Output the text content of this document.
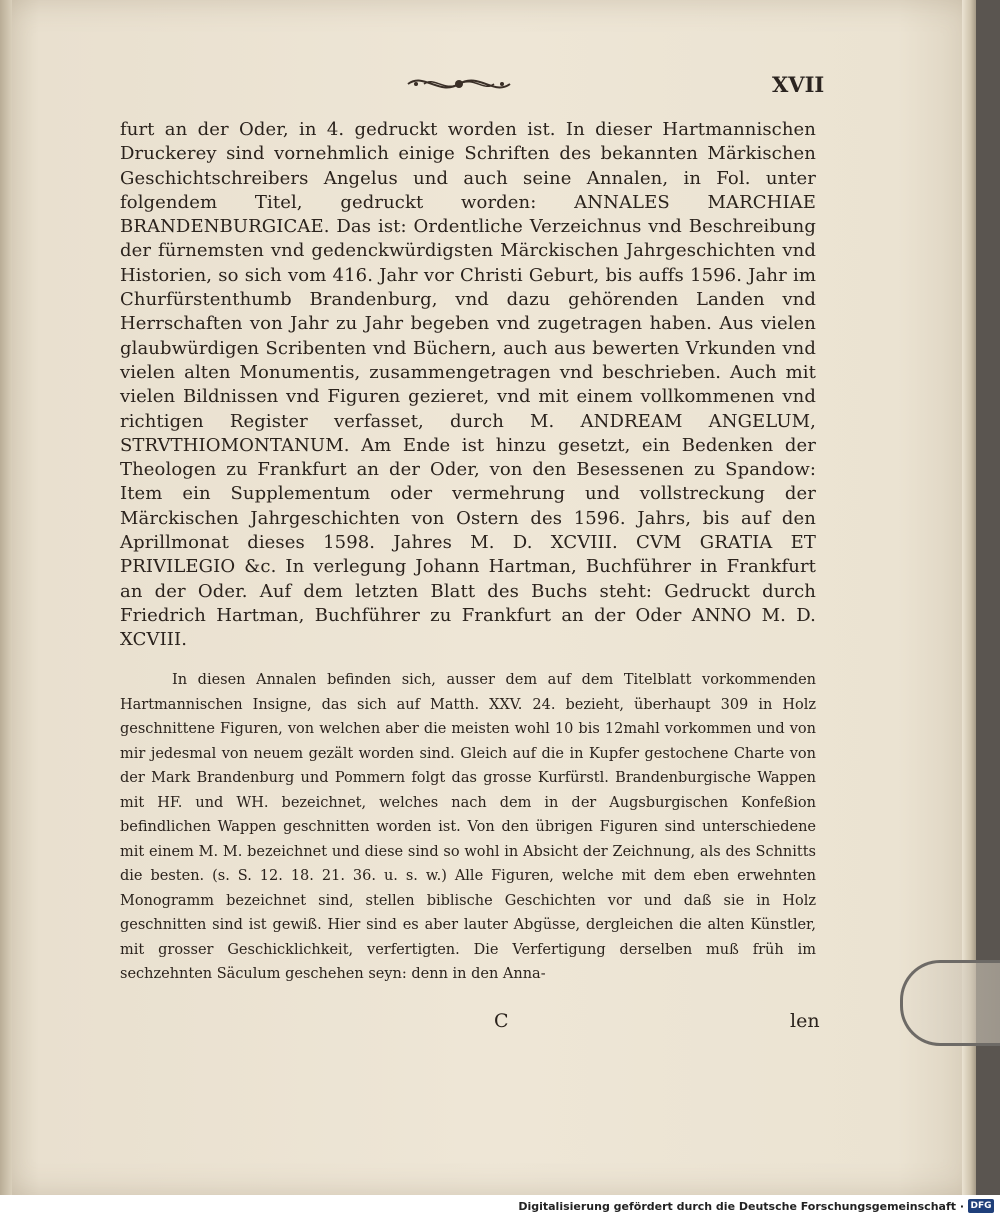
XVII

furt an der Oder, in 4. gedruckt worden ist. In dieser Hartmannischen Druckerey sind vornehmlich einige Schriften des bekannten Märkischen Geschichtschreibers Angelus und auch seine Annalen, in Fol. unter folgendem Titel, gedruckt worden: ANNALES MARCHIAE BRANDENBURGICAE. Das ist: Ordentliche Verzeichnus vnd Beschreibung der fürnemsten vnd gedenckwürdigsten Märckischen Jahrgeschichten vnd Historien, so sich vom 416. Jahr vor Christi Geburt, bis auffs 1596. Jahr im Churfürstenthumb Brandenburg, vnd dazu gehörenden Landen vnd Herrschaften von Jahr zu Jahr begeben vnd zugetragen haben. Aus vielen glaubwürdigen Scribenten vnd Büchern, auch aus bewerten Vrkunden vnd vielen alten Monumentis, zusammengetragen vnd beschrieben. Auch mit vielen Bildnissen vnd Figuren gezieret, vnd mit einem vollkommenen vnd richtigen Register verfasset, durch M. ANDREAM ANGELUM, STRVTHIOMONTANUM. Am Ende ist hinzu gesetzt, ein Bedenken der Theologen zu Frankfurt an der Oder, von den Besessenen zu Spandow: Item ein Supplementum oder vermehrung und vollstreckung der Märckischen Jahrgeschichten von Ostern des 1596. Jahrs, bis auf den Aprillmonat dieses 1598. Jahres M. D. XCVIII. CVM GRATIA ET PRIVILEGIO &c. In verlegung Johann Hartman, Buchführer in Frankfurt an der Oder. Auf dem letzten Blatt des Buchs steht: Gedruckt durch Friedrich Hartman, Buchführer zu Frankfurt an der Oder ANNO M. D. XCVIII.

In diesen Annalen befinden sich, ausser dem auf dem Titelblatt vorkommenden Hartmannischen Insigne, das sich auf Matth. XXV. 24. bezieht, überhaupt 309 in Holz geschnittene Figuren, von welchen aber die meisten wohl 10 bis 12mahl vorkommen und von mir jedesmal von neuem gezält worden sind. Gleich auf die in Kupfer gestochene Charte von der Mark Brandenburg und Pommern folgt das grosse Kurfürstl. Brandenburgische Wappen mit HF. und WH. bezeichnet, welches nach dem in der Augsburgischen Konfeßion befindlichen Wappen geschnitten worden ist. Von den übrigen Figuren sind unterschiedene mit einem M. M. bezeichnet und diese sind so wohl in Absicht der Zeichnung, als des Schnitts die besten. (s. S. 12. 18. 21. 36. u. s. w.) Alle Figuren, welche mit dem eben erwehnten Monogramm bezeichnet sind, stellen biblische Geschichten vor und daß sie in Holz geschnitten sind ist gewiß. Hier sind es aber lauter Abgüsse, dergleichen die alten Künstler, mit grosser Geschicklichkeit, verfertigten. Die Verfertigung derselben muß früh im sechzehnten Säculum geschehen seyn: denn in den Anna-

C	len
Digitalisierung gefördert durch die Deutsche Forschungsgemeinschaft · DFG
